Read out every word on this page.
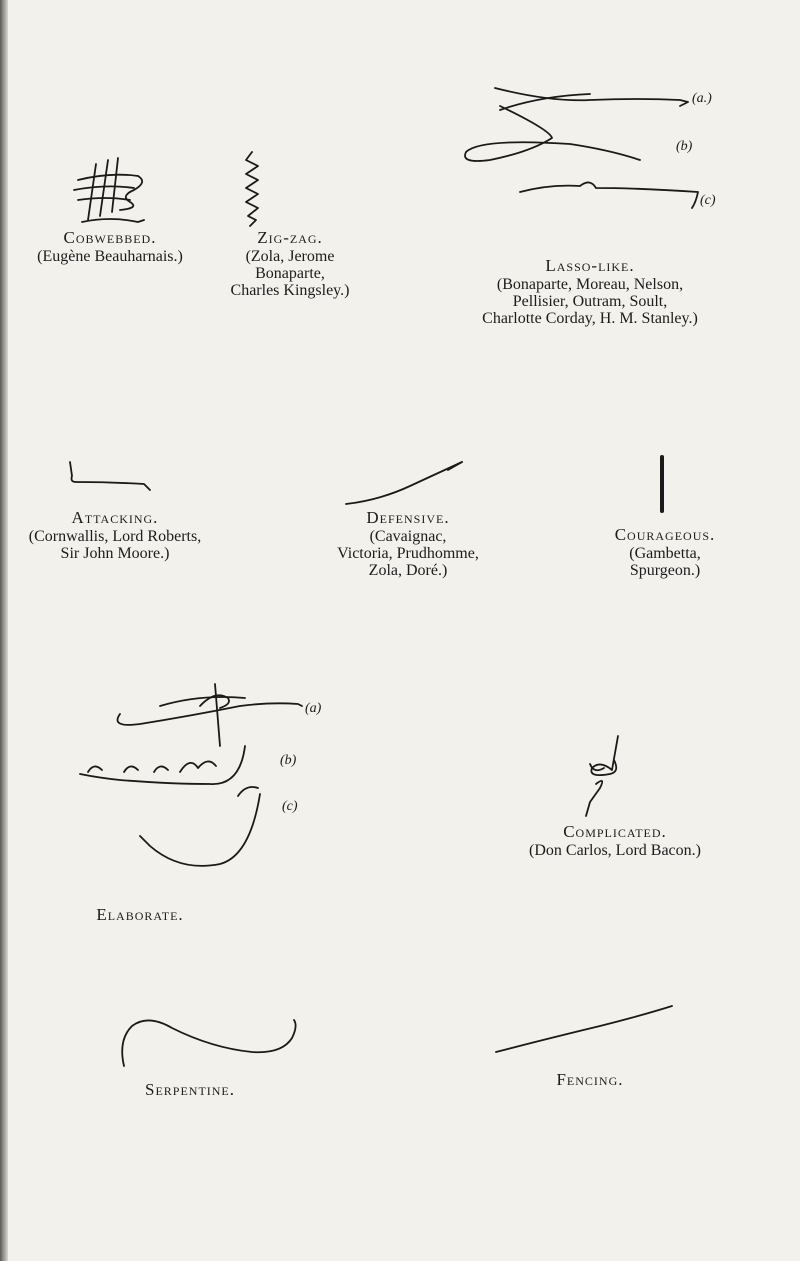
Cobwebbed.
(Eugène Beauharnais.)
Zig-zag.
(Zola, Jerome
Bonaparte,
Charles Kingsley.)
(a.)
(b)
(c)
Lasso-like.
(Bonaparte, Moreau, Nelson,
Pellisier, Outram, Soult,
Charlotte Corday, H. M. Stanley.)
Attacking.
(Cornwallis, Lord Roberts,
Sir John Moore.)
Defensive.
(Cavaignac,
Victoria, Prudhomme,
Zola, Doré.)
Courageous.
(Gambetta,
Spurgeon.)
(a)
(b)
(c)
Elaborate.
Complicated.
(Don Carlos, Lord Bacon.)
Serpentine.
Fencing.
